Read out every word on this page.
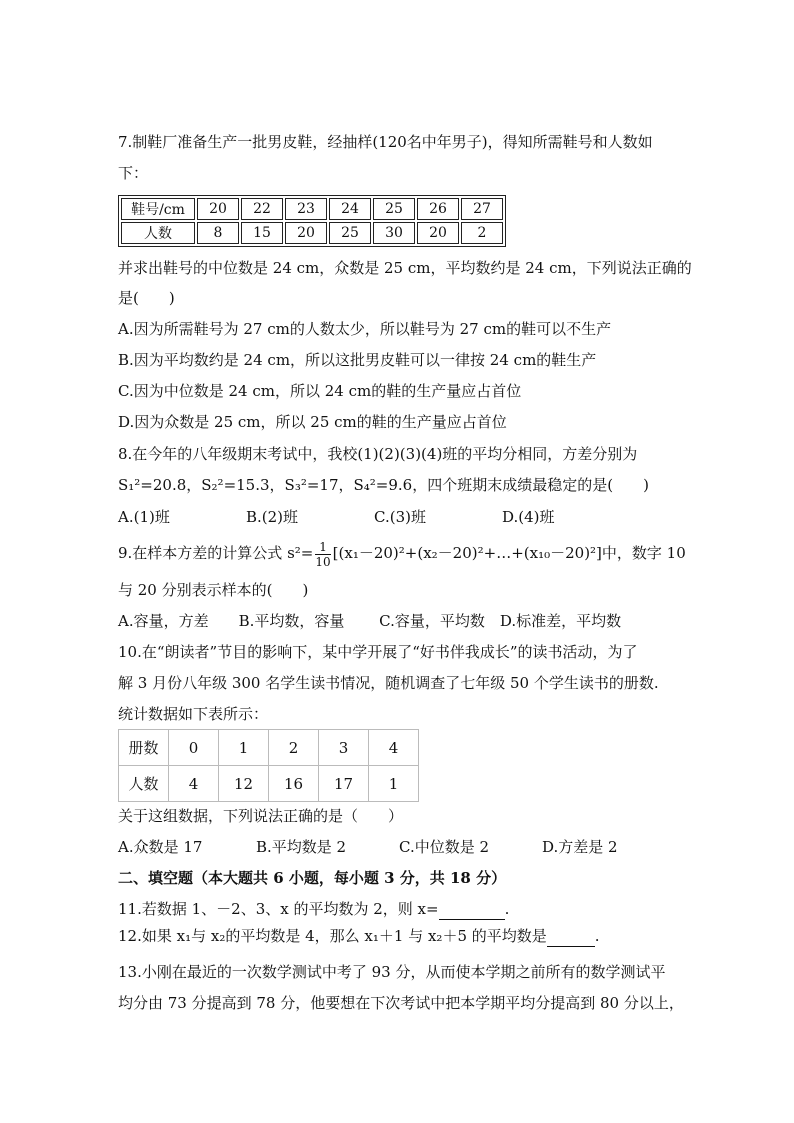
7.制鞋厂准备生产一批男皮鞋，经抽样(120名中年男子)，得知所需鞋号和人数如
下：
鞋号/cm	20	22	23	24	25	26	27
人数	8	15	20	25	30	20	2
并求出鞋号的中位数是 24 cm，众数是 25 cm，平均数约是 24 cm，下列说法正确的
是(　　)
A.因为所需鞋号为 27 cm的人数太少，所以鞋号为 27 cm的鞋可以不生产
B.因为平均数约是 24 cm，所以这批男皮鞋可以一律按 24 cm的鞋生产
C.因为中位数是 24 cm，所以 24 cm的鞋的生产量应占首位
D.因为众数是 25 cm，所以 25 cm的鞋的生产量应占首位
8.在今年的八年级期末考试中，我校(1)(2)(3)(4)班的平均分相同，方差分别为
S₁²=20.8，S₂²=15.3，S₃²=17，S₄²=9.6，四个班期末成绩最稳定的是(　　)
A.(1)班	B.(2)班	C.(3)班	D.(4)班
9.在样本方差的计算公式 $s^2= \frac{1}{10}$ [(x₁－20)²+(x₂－20)²+…+(x₁₀－20)²]中，数字 10
与 20 分别表示样本的(　　)
A.容量，方差　　B.平均数，容量　　 C.容量，平均数　D.标准差，平均数
10.在“朗读者”节目的影响下，某中学开展了“好书伴我成长”的读书活动，为了
解 3 月份八年级 300 名学生读书情况，随机调查了七年级 50 个学生读书的册数.
统计数据如下表所示：
册数	0	1	2	3	4
人数	4	12	16	17	1
关于这组数据，下列说法正确的是（　　）
A.众数是 17	B.平均数是 2	C.中位数是 2	D.方差是 2
二、填空题（本大题共 6 小题，每小题 3 分，共 18 分）
11.若数据 1、－2、3、x 的平均数为 2，则 x=	.
12.如果 x₁与 x₂的平均数是 4，那么 x₁＋1 与 x₂＋5 的平均数是	.
13.小刚在最近的一次数学测试中考了 93 分，从而使本学期之前所有的数学测试平
均分由 73 分提高到 78 分，他要想在下次考试中把本学期平均分提高到 80 分以上，
